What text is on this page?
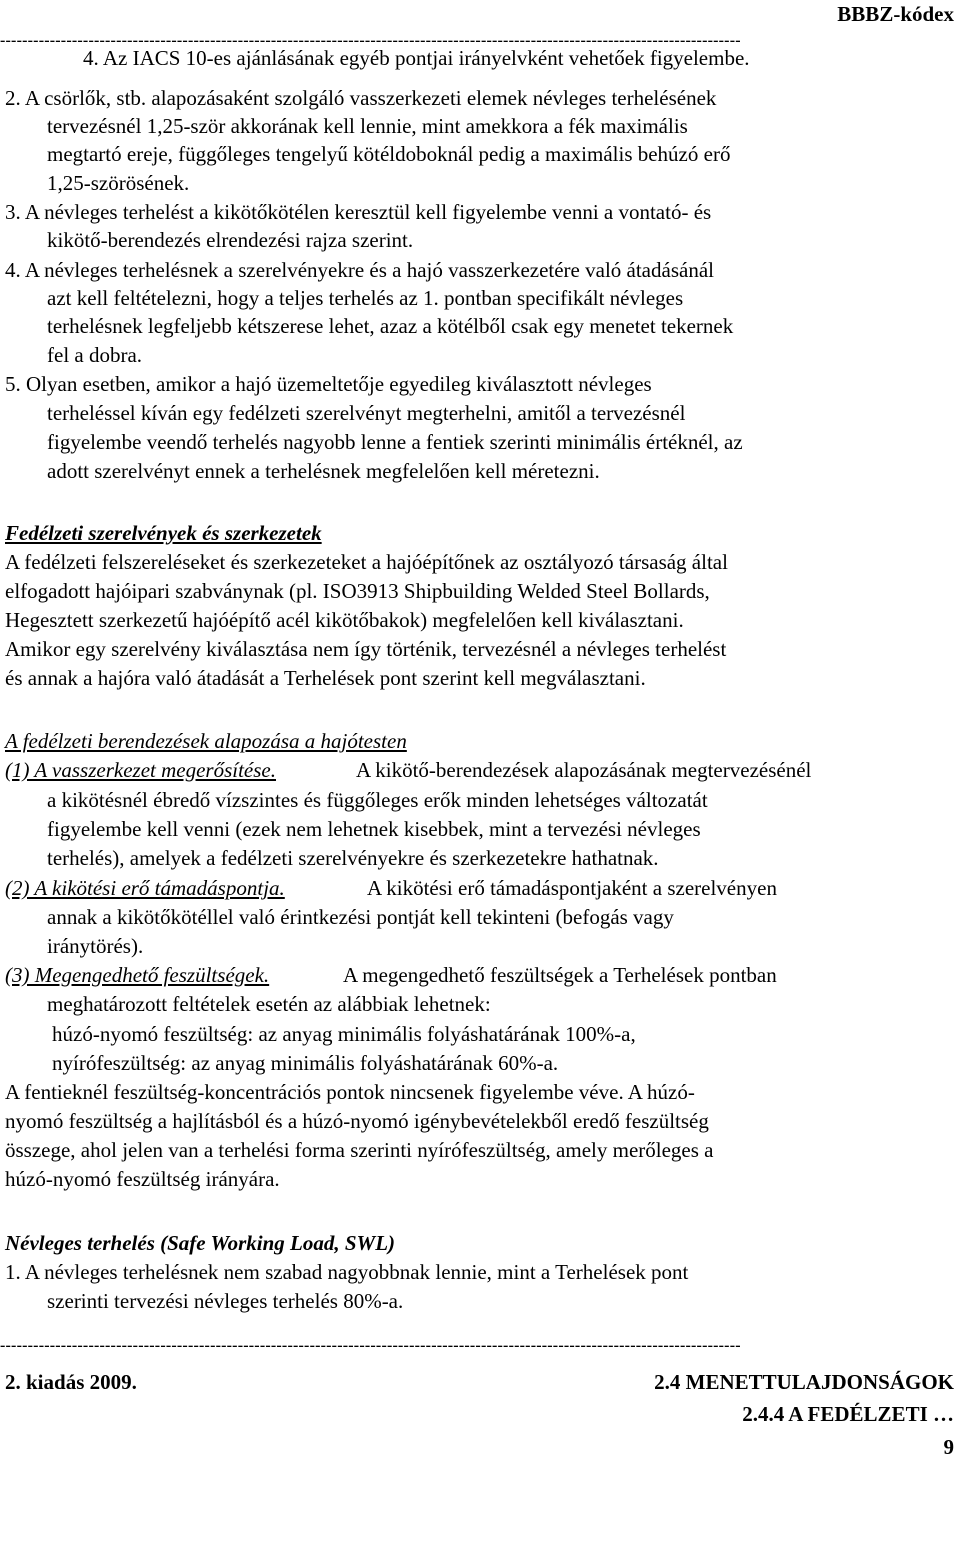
BBBZ-kódex
--------------------------------------------------------------------------------------------------------------------------------------
4. Az IACS 10-es ajánlásának egyéb pontjai irányelvként vehetőek figyelembe.
2. A csörlők, stb. alapozásaként szolgáló vasszerkezeti elemek névleges terhelésének
tervezésnél 1,25-ször akkorának kell lennie, mint amekkora a fék maximális
megtartó ereje, függőleges tengelyű kötéldoboknál pedig a maximális behúzó erő
1,25-szörösének.
3. A névleges terhelést a kikötőkötélen keresztül kell figyelembe venni a vontató- és
kikötő-berendezés elrendezési rajza szerint.
4. A névleges terhelésnek a szerelvényekre és a hajó vasszerkezetére való átadásánál
azt kell feltételezni, hogy a teljes terhelés az 1. pontban specifikált névleges
terhelésnek legfeljebb kétszerese lehet, azaz a kötélből csak egy menetet tekernek
fel a dobra.
5. Olyan esetben, amikor a hajó üzemeltetője egyedileg kiválasztott névleges
terheléssel kíván egy fedélzeti szerelvényt megterhelni, amitől a tervezésnél
figyelembe veendő terhelés nagyobb lenne a fentiek szerinti minimális értéknél, az
adott szerelvényt ennek a terhelésnek megfelelően kell méretezni.
Fedélzeti szerelvények és szerkezetek
A fedélzeti felszereléseket és szerkezeteket a hajóépítőnek az osztályozó társaság által
elfogadott hajóipari szabványnak (pl. ISO3913 Shipbuilding Welded Steel Bollards,
Hegesztett szerkezetű hajóépítő acél kikötőbakok) megfelelően kell kiválasztani.
Amikor egy szerelvény kiválasztása nem így történik, tervezésnél a névleges terhelést
és annak a hajóra való átadását a Terhelések pont szerint kell megválasztani.
A fedélzeti berendezések alapozása a hajótesten
(1) A vasszerkezet megerősítése.
a kikötésnél ébredő vízszintes és függőleges erők minden lehetséges változatát
figyelembe kell venni (ezek nem lehetnek kisebbek, mint a tervezési névleges
terhelés), amelyek a fedélzeti szerelvényekre és szerkezetekre hathatnak.
(2) A kikötési erő támadáspontja.
annak a kikötőkötéllel való érintkezési pontját kell tekinteni (befogás vagy
iránytörés).
(3) Megengedhető feszültségek.
meghatározott feltételek esetén az alábbiak lehetnek:
húzó-nyomó feszültség: az anyag minimális folyáshatárának 100%-a,
nyírófeszültség: az anyag minimális folyáshatárának 60%-a.
A fentieknél feszültség-koncentrációs pontok nincsenek figyelembe véve. A húzó-
nyomó feszültség a hajlításból és a húzó-nyomó igénybevételekből eredő feszültség
összege, ahol jelen van a terhelési forma szerinti nyírófeszültség, amely merőleges a
húzó-nyomó feszültség irányára.
Névleges terhelés (Safe Working Load, SWL)
1. A névleges terhelésnek nem szabad nagyobbnak lennie, mint a Terhelések pont
szerinti tervezési névleges terhelés 80%-a.
A kikötő-berendezések alapozásának megtervezésénél
A kikötési erő támadáspontjaként a szerelvényen
A megengedhető feszültségek a Terhelések pontban
--------------------------------------------------------------------------------------------------------------------------------------
2. kiadás 2009.	2.4 MENETTULAJDONSÁGOK
2.4.4 A FEDÉLZETI …
9
